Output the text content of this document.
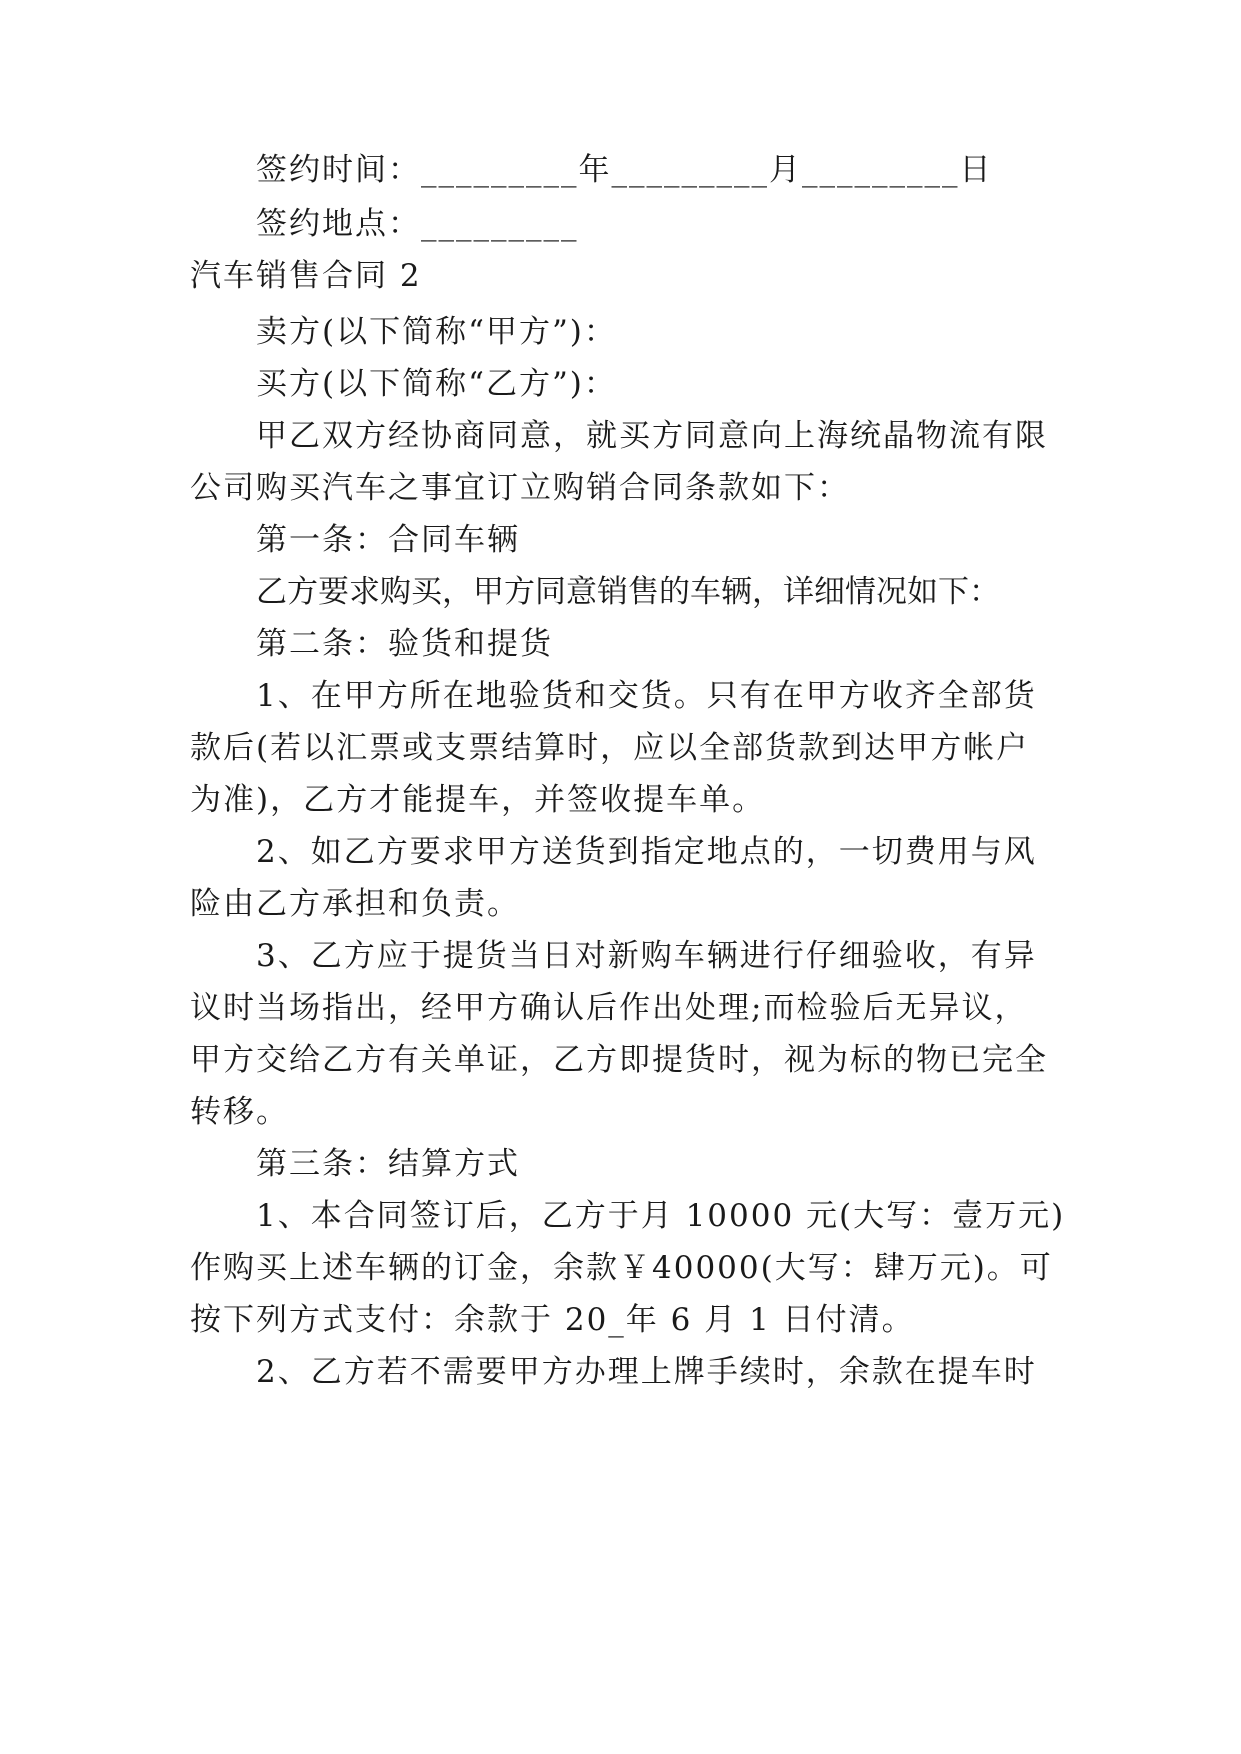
签约时间：_________年_________月_________日
签约地点：_________
汽车销售合同 2
卖方(以下简称“甲方”)：
买方(以下简称“乙方”)：
甲乙双方经协商同意，就买方同意向上海统晶物流有限
公司购买汽车之事宜订立购销合同条款如下：
第一条：合同车辆
乙方要求购买，甲方同意销售的车辆，详细情况如下：
第二条：验货和提货
1、在甲方所在地验货和交货。只有在甲方收齐全部货
款后(若以汇票或支票结算时，应以全部货款到达甲方帐户
为准)，乙方才能提车，并签收提车单。
2、如乙方要求甲方送货到指定地点的，一切费用与风
险由乙方承担和负责。
3、乙方应于提货当日对新购车辆进行仔细验收，有异
议时当场指出，经甲方确认后作出处理;而检验后无异议，
甲方交给乙方有关单证，乙方即提货时，视为标的物已完全
转移。
第三条：结算方式
1、本合同签订后，乙方于月 10000 元(大写：壹万元)
作购买上述车辆的订金，余款￥40000(大写：肆万元)。可
按下列方式支付：余款于 20_年 6 月 1 日付清。
2、乙方若不需要甲方办理上牌手续时，余款在提车时
